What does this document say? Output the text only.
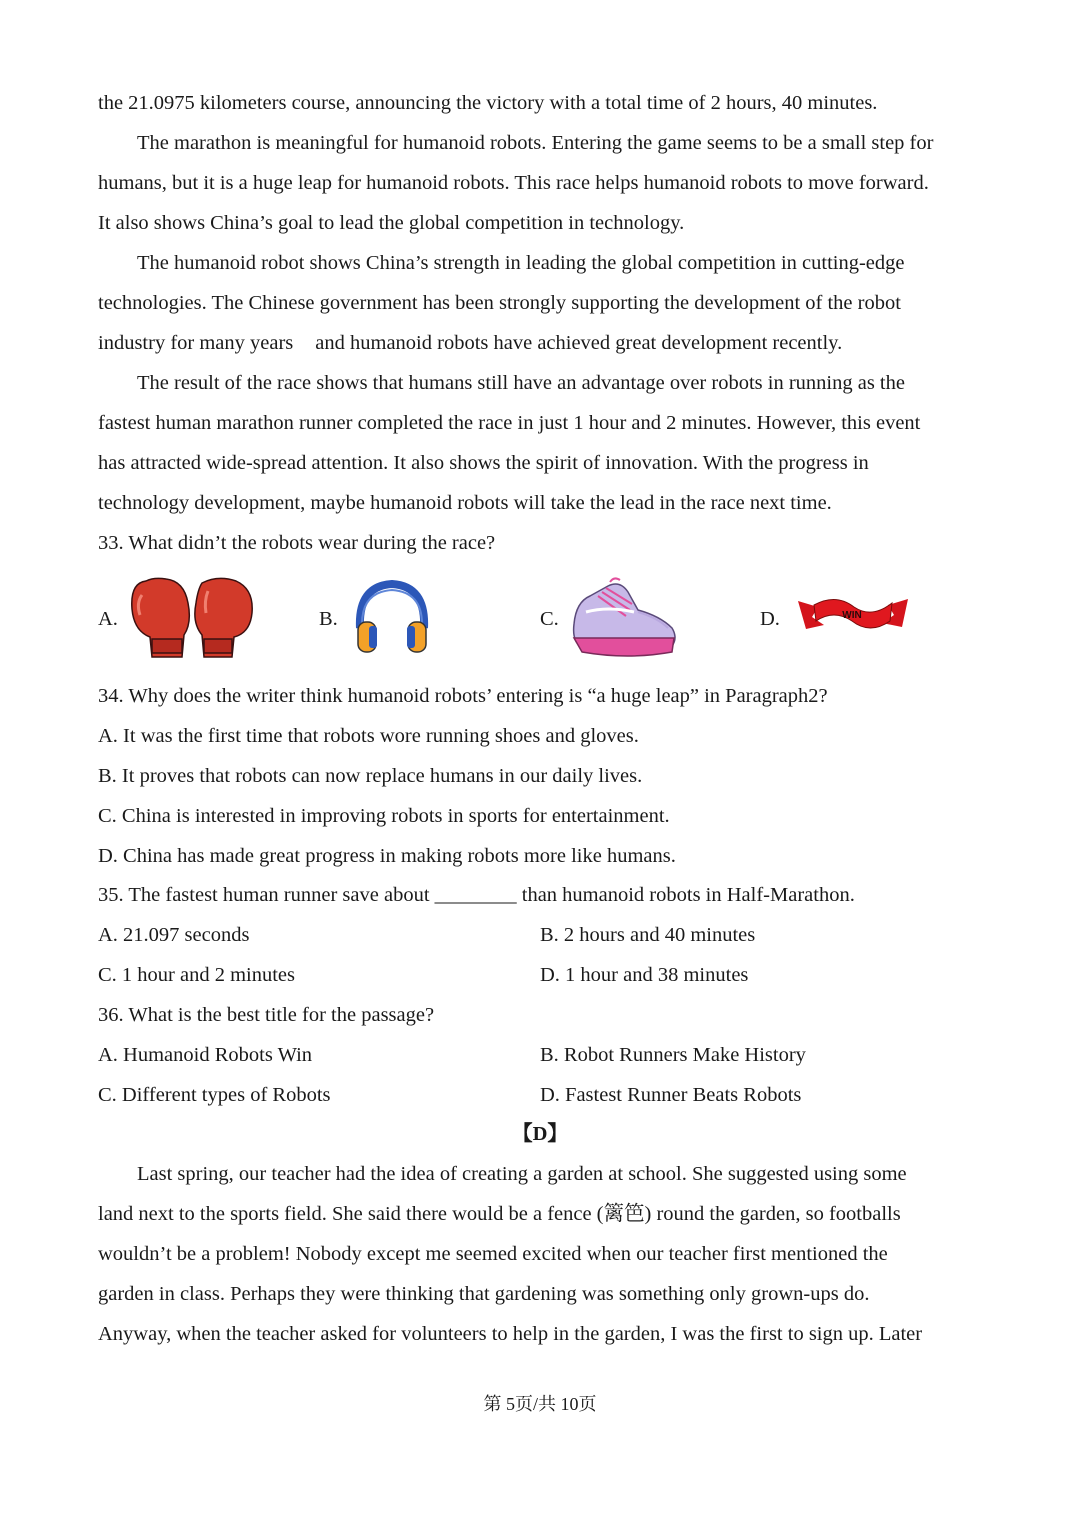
the 21.0975 kilometers course, announcing the victory with a total time of 2 hours, 40 minutes.
The marathon is meaningful for humanoid robots. Entering the game seems to be a small step for
humans, but it is a huge leap for humanoid robots. This race helps humanoid robots to move forward.
It also shows China’s goal to lead the global competition in technology.
The humanoid robot shows China’s strength in leading the global competition in cutting-edge
technologies. The Chinese government has been strongly supporting the development of the robot
industry for many years and humanoid robots have achieved great development recently.
The result of the race shows that humans still have an advantage over robots in running as the
fastest human marathon runner completed the race in just 1 hour and 2 minutes. However, this event
has attracted wide-spread attention. It also shows the spirit of innovation. With the progress in
technology development, maybe humanoid robots will take the lead in the race next time.
33. What didn’t the robots wear during the race?
A.	B.	C.	D.	WIN
34. Why does the writer think humanoid robots’ entering is “a huge leap” in Paragraph2?
A. It was the first time that robots wore running shoes and gloves.
B. It proves that robots can now replace humans in our daily lives.
C. China is interested in improving robots in sports for entertainment.
D. China has made great progress in making robots more like humans.
35. The fastest human runner save about ________ than humanoid robots in Half-Marathon.
A. 21.097 seconds	B. 2 hours and 40 minutes
C. 1 hour and 2 minutes	D. 1 hour and 38 minutes
36. What is the best title for the passage?
A. Humanoid Robots Win	B. Robot Runners Make History
C. Different types of Robots	D. Fastest Runner Beats Robots
【D】
Last spring, our teacher had the idea of creating a garden at school. She suggested using some
land next to the sports field. She said there would be a fence (篱笆) round the garden, so footballs
wouldn’t be a problem! Nobody except me seemed excited when our teacher first mentioned the
garden in class. Perhaps they were thinking that gardening was something only grown-ups do.
Anyway, when the teacher asked for volunteers to help in the garden, I was the first to sign up. Later
第 5页/共 10页
